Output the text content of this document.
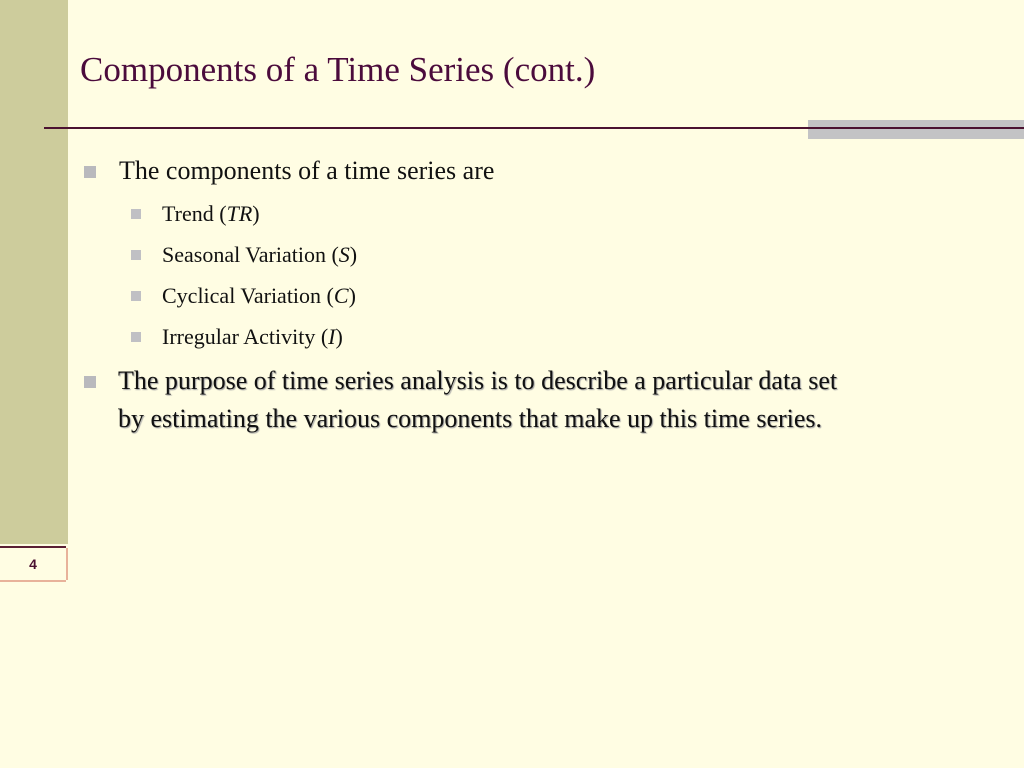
4
Components of a Time Series (cont.)
The components of a time series are
Trend (TR)
Seasonal Variation (S)
Cyclical Variation (C)
Irregular Activity (I)
The purpose of time series analysis is to describe a particular data set
by estimating the various components that make up this time series.
